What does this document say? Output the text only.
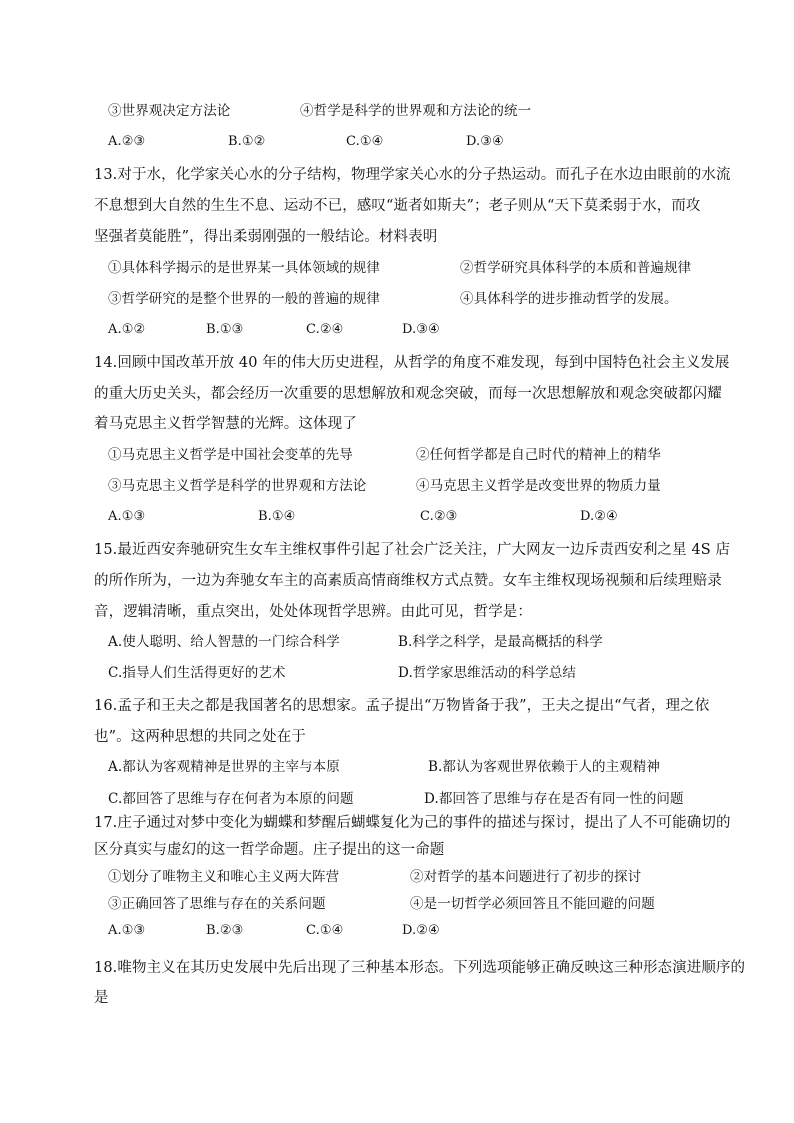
③世界观决定方法论	④哲学是科学的世界观和方法论的统一
A.②③	B.①②	C.①④	D.③④
13.对于水，化学家关心水的分子结构，物理学家关心水的分子热运动。而孔子在水边由眼前的水流
不息想到大自然的生生不息、运动不已，感叹“逝者如斯夫”；老子则从“天下莫柔弱于水，而攻
坚强者莫能胜”，得出柔弱刚强的一般结论。材料表明
①具体科学揭示的是世界某一具体领域的规律	②哲学研究具体科学的本质和普遍规律
③哲学研究的是整个世界的一般的普遍的规律	④具体科学的进步推动哲学的发展。
A.①②	B.①③	C.②④	D.③④
14.回顾中国改革开放 40 年的伟大历史进程，从哲学的角度不难发现，每到中国特色社会主义发展
的重大历史关头，都会经历一次重要的思想解放和观念突破，而每一次思想解放和观念突破都闪耀
着马克思主义哲学智慧的光辉。这体现了
①马克思主义哲学是中国社会变革的先导	②任何哲学都是自己时代的精神上的精华
③马克思主义哲学是科学的世界观和方法论	④马克思主义哲学是改变世界的物质力量
A.①③	B.①④	C.②③	D.②④
15.最近西安奔驰研究生女车主维权事件引起了社会广泛关注，广大网友一边斥责西安利之星 4S 店
的所作所为，一边为奔驰女车主的高素质高情商维权方式点赞。女车主维权现场视频和后续理赔录
音，逻辑清晰，重点突出，处处体现哲学思辨。由此可见，哲学是：
A.使人聪明、给人智慧的一门综合科学	B.科学之科学，是最高概括的科学
C.指导人们生活得更好的艺术	D.哲学家思维活动的科学总结
16.孟子和王夫之都是我国著名的思想家。孟子提出“万物皆备于我”，王夫之提出“气者，理之依
也”。这两种思想的共同之处在于
A.都认为客观精神是世界的主宰与本原	B.都认为客观世界依赖于人的主观精神
C.都回答了思维与存在何者为本原的问题	D.都回答了思维与存在是否有同一性的问题
17.庄子通过对梦中变化为蝴蝶和梦醒后蝴蝶复化为己的事件的描述与探讨，提出了人不可能确切的
区分真实与虚幻的这一哲学命题。庄子提出的这一命题
①划分了唯物主义和唯心主义两大阵营	②对哲学的基本问题进行了初步的探讨
③正确回答了思维与存在的关系问题	④是一切哲学必须回答且不能回避的问题
A.①③	B.②③	C.①④	D.②④
18.唯物主义在其历史发展中先后出现了三种基本形态。下列选项能够正确反映这三种形态演进顺序的
是
